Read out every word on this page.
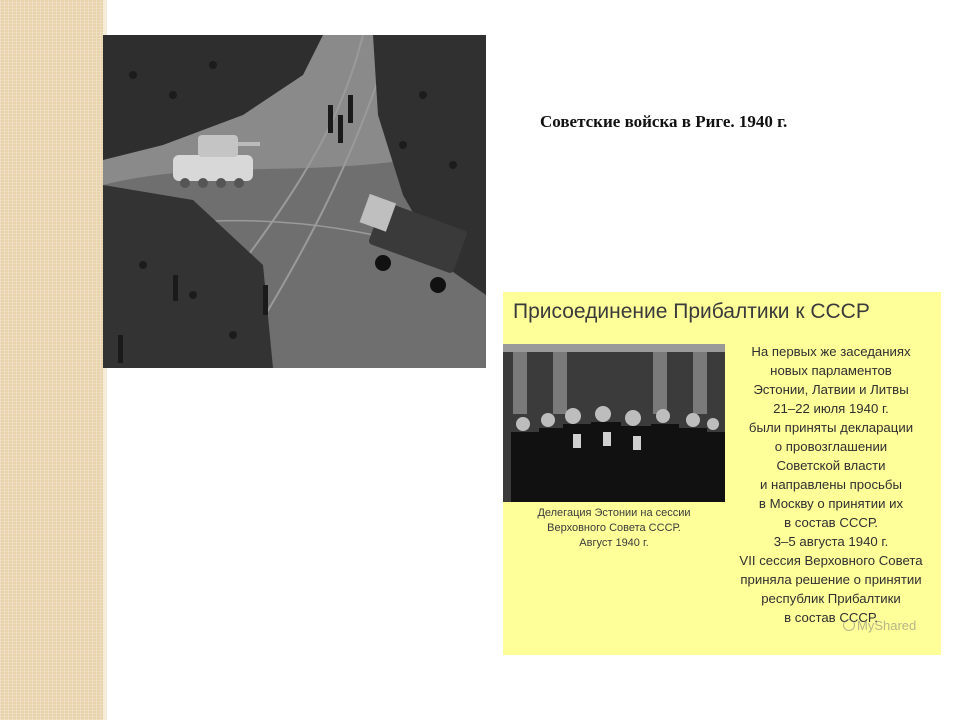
Советские войска в Риге. 1940 г.
Присоединение Прибалтики к СССР
Делегация Эстонии на сессии
Верховного Совета СССР.
Август 1940 г.
На первых же заседаниях
новых парламентов
Эстонии, Латвии и Литвы
21–22 июля 1940 г.
были приняты декларации
о провозглашении
Советской власти
и направлены просьбы
в Москву о принятии их
в состав СССР.
3–5 августа 1940 г.
VII сессия Верховного Совета
приняла решение о принятии
республик Прибалтики
в состав СССР.
MyShared
